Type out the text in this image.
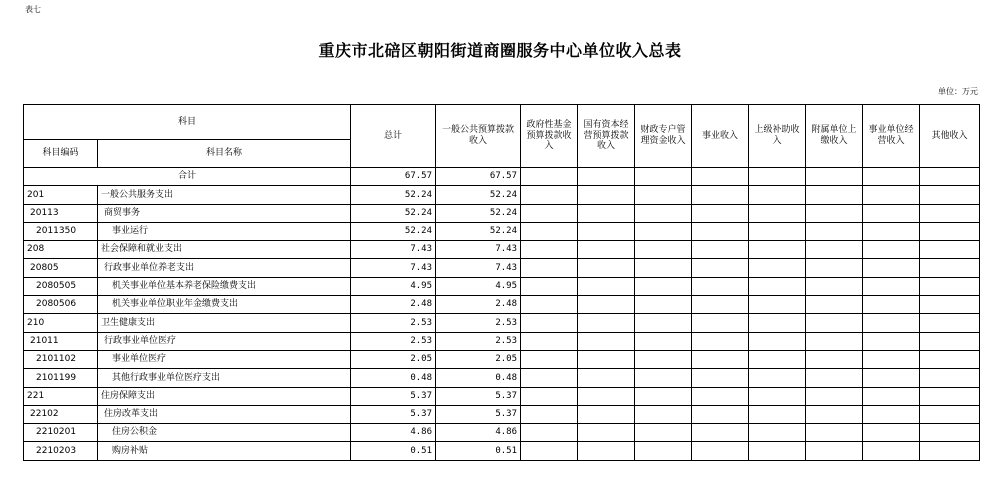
表七
重庆市北碚区朝阳街道商圈服务中心单位收入总表
单位：万元
科目		总计	一般公共预算拨款收入	政府性基金预算拨款收入	国有资本经营预算拨款收入	财政专户管理资金收入	事业收入	上级补助收入	附属单位上缴收入	事业单位经营收入	其他收入
科目编码	科目名称										
合计		67.57	67.57								
201	一般公共服务支出	52.24	52.24								
20113	商贸事务	52.24	52.24								
2011350	事业运行	52.24	52.24								
208	社会保障和就业支出	7.43	7.43								
20805	行政事业单位养老支出	7.43	7.43								
2080505	机关事业单位基本养老保险缴费支出	4.95	4.95								
2080506	机关事业单位职业年金缴费支出	2.48	2.48								
210	卫生健康支出	2.53	2.53								
21011	行政事业单位医疗	2.53	2.53								
2101102	事业单位医疗	2.05	2.05								
2101199	其他行政事业单位医疗支出	0.48	0.48								
221	住房保障支出	5.37	5.37								
22102	住房改革支出	5.37	5.37								
2210201	住房公积金	4.86	4.86								
2210203	购房补贴	0.51	0.51								
